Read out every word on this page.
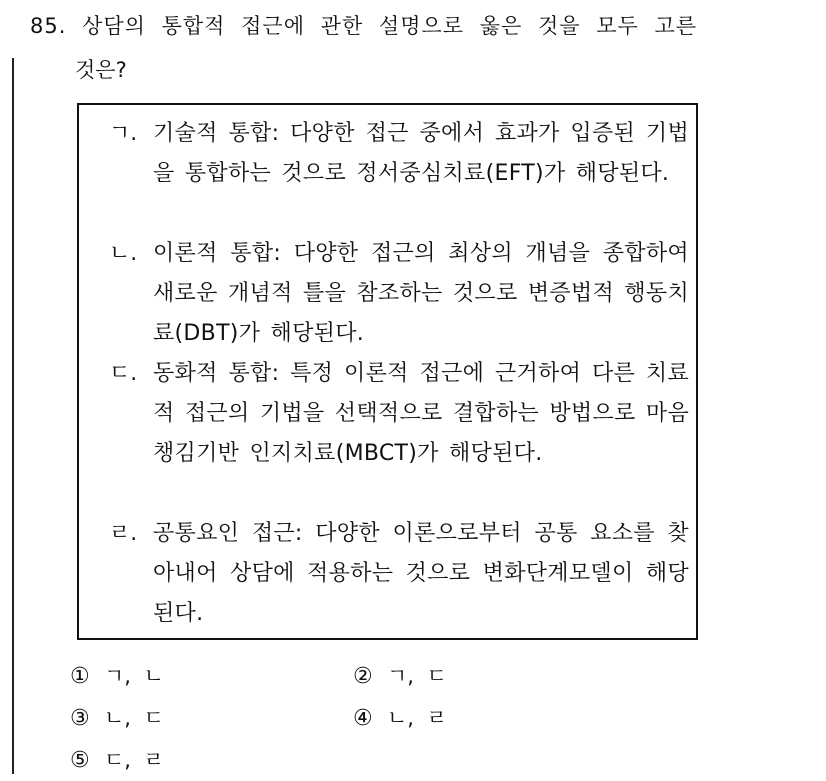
85. 상담의 통합적 접근에 관한 설명으로 옳은 것을 모두 고른
것은?
ㄱ. 기술적 통합: 다양한 접근 중에서 효과가 입증된 기법을 통합하는 것으로 정서중심치료(EFT)가 해당된다.
ㄴ. 이론적 통합: 다양한 접근의 최상의 개념을 종합하여 새로운 개념적 틀을 참조하는 것으로 변증법적 행동치료(DBT)가 해당된다.
ㄷ. 동화적 통합: 특정 이론적 접근에 근거하여 다른 치료적 접근의 기법을 선택적으로 결합하는 방법으로 마음챙김기반 인지치료(MBCT)가 해당된다.
ㄹ. 공통요인 접근: 다양한 이론으로부터 공통 요소를 찾아내어 상담에 적용하는 것으로 변화단계모델이 해당된다.
① ㄱ, ㄴ	② ㄱ, ㄷ
③ ㄴ, ㄷ	④ ㄴ, ㄹ
⑤ ㄷ, ㄹ
